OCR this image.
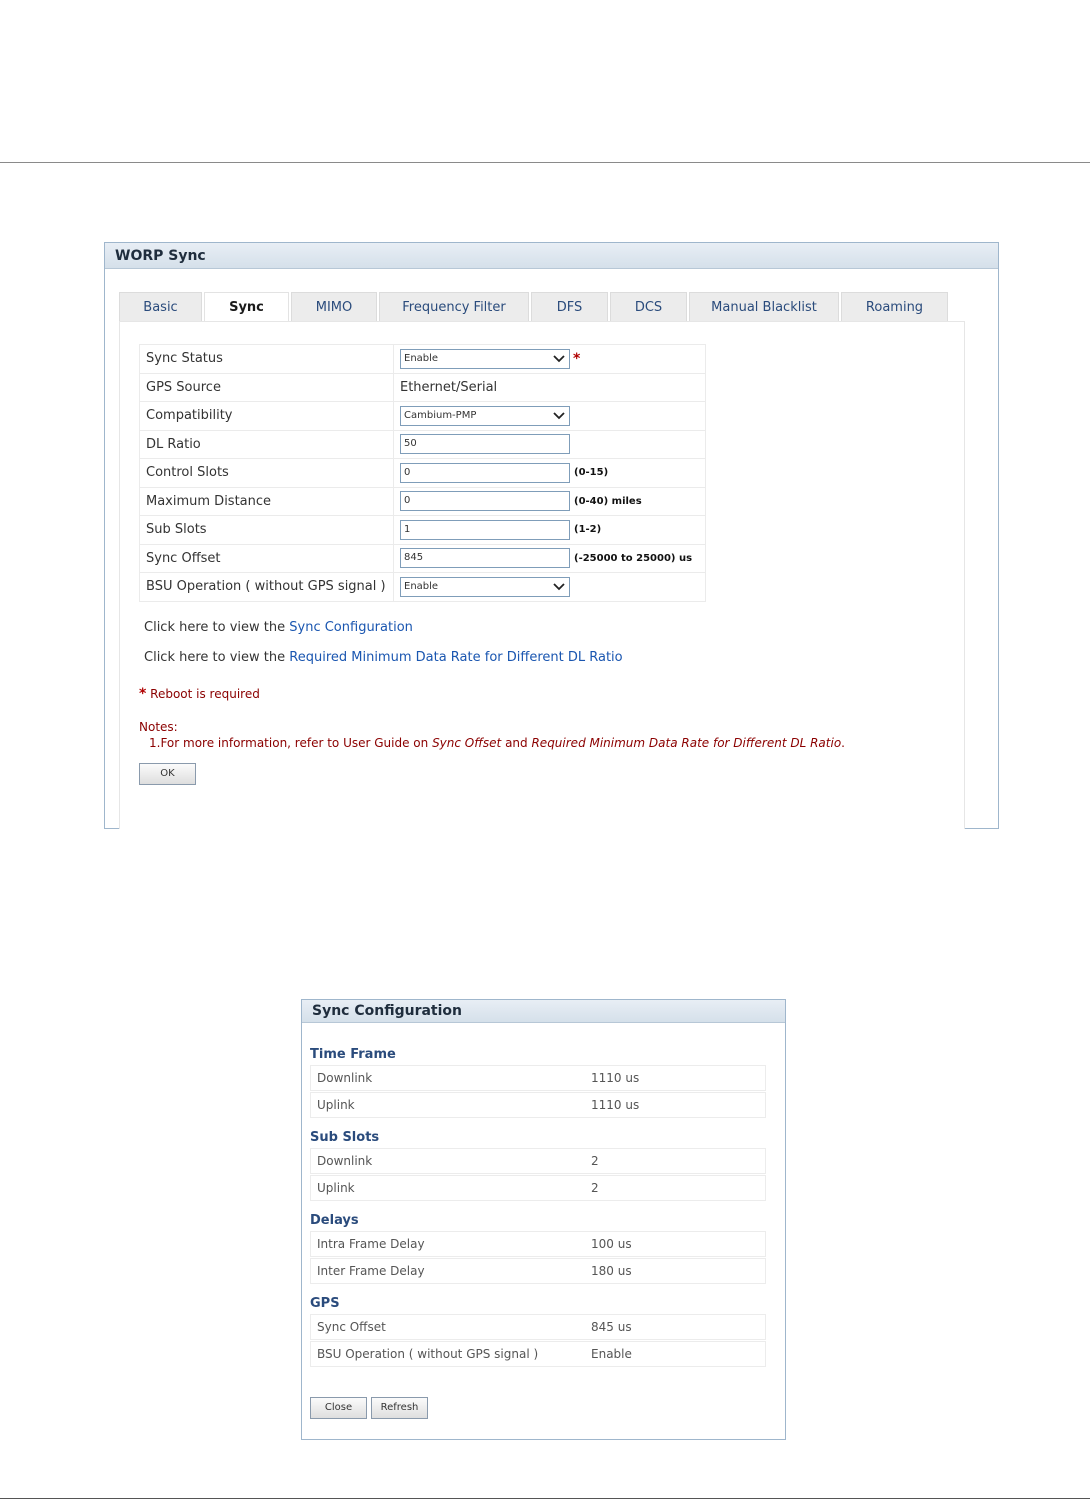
WORP Sync
Basic	Sync	MIMO	Frequency Filter	DFS	DCS	Manual Blacklist	Roaming
Sync Status	Enable *
GPS Source	Ethernet/Serial
Compatibility	Cambium-PMP

DL Ratio	50
Control Slots	0 (0-15)
Maximum Distance	0 (0-40) miles
Sub Slots	1 (1-2)
Sync Offset	845 (-25000 to 25000) us
BSU Operation ( without GPS signal )	Enable
Click here to view the Sync Configuration
Click here to view the Required Minimum Data Rate for Different DL Ratio
* Reboot is required
Notes:
1.For more information, refer to User Guide on Sync Offset and Required Minimum Data Rate for Different DL Ratio.
OK
Sync Configuration
Time Frame
Downlink	1110 us
Uplink	1110 us
Sub Slots
Downlink	2
Uplink	2
Delays
Intra Frame Delay	100 us
Inter Frame Delay	180 us
GPS
Sync Offset	845 us
BSU Operation ( without GPS signal )	Enable
Close	Refresh
